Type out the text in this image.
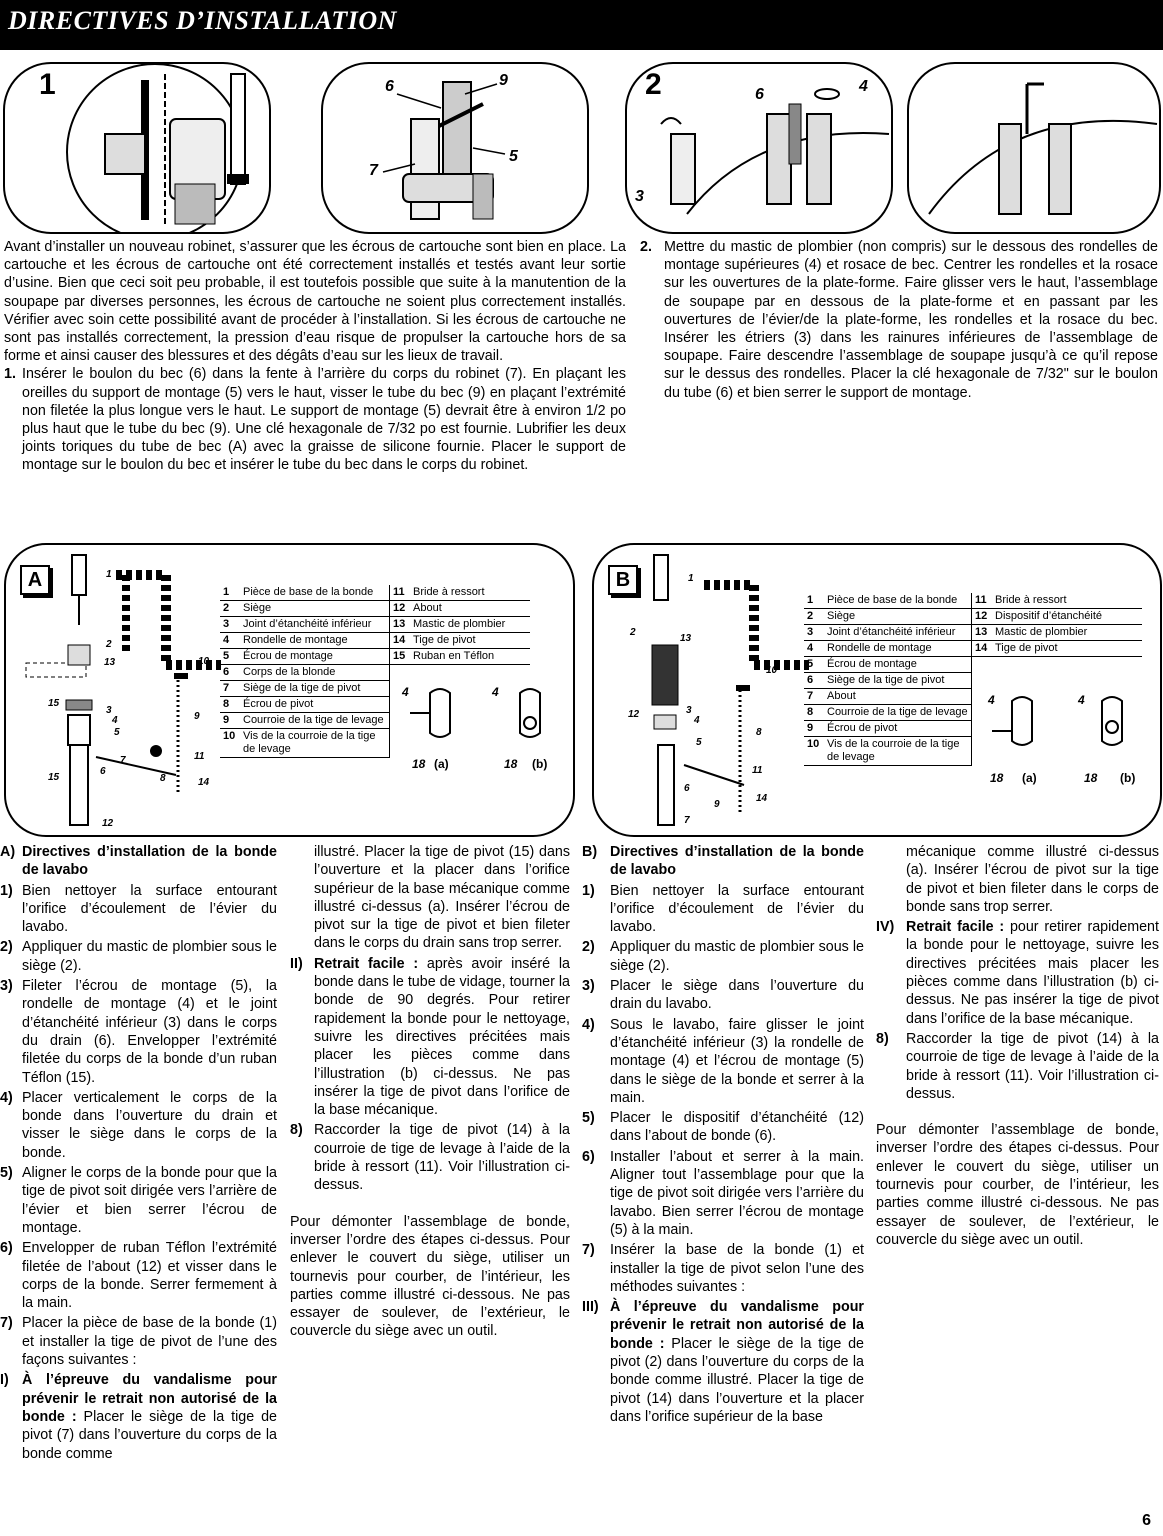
DIRECTIVES D’INSTALLATION
1	6	9
7
5
2	6	4
3

Avant d’installer un nouveau robinet, s’assurer que les écrous de cartouche sont bien en place. La cartouche et les écrous de cartouche ont été correctement installés et testés avant leur sortie d’usine. Bien que ceci soit peu probable, il est toutefois possible que suite à la manutention de la soupape par diverses personnes, les écrous de cartouche ne soient plus correctement installés. Vérifier avec soin cette possibilité avant de procéder à l’installation. Si les écrous de cartouche ne sont pas installés correctement, la pression d’eau risque de propulser la cartouche hors de sa forme et ainsi causer des blessures et des dégâts d’eau sur les lieux de travail.

1. Insérer le boulon du bec (6) dans la fente à l’arrière du corps du robinet (7). En plaçant les oreilles du support de montage (5) vers le haut, visser le tube du bec (9) en plaçant l’extrémité non filetée la plus longue vers le haut. Le support de montage (5) devrait être à environ 1/2 po plus haut que le tube du bec (9). Une clé hexagonale de 7/32 po est fournie. Lubrifier les deux joints toriques du tube de bec (A) avec la graisse de silicone fournie. Placer le support de montage sur le boulon du bec et insérer le tube du bec dans le corps du robinet.
2. Mettre du mastic de plombier (non compris) sur le dessous des rondelles de montage supérieures (4) et rosace de bec. Centrer les rondelles et la rosace sur les ouvertures de la plate-forme. Faire glisser vers le haut, l’assemblage de soupape par en dessous de la plate-forme et en passant par les ouvertures de l’évier/de la plate-forme, les rondelles et la rosace du bec. Insérer les étriers (3) dans les rainures inférieures de l’assemblage de soupape. Faire descendre l’assemblage de soupape jusqu’à ce qu’il repose sur le dessus des rondelles. Placer la clé hexagonale de 7/32" sur le boulon du tube (6) et bien serrer le support de montage.
A	1
2
13
15
3
4
5
6
7
8
10
9
11
14
15
12
1	Pièce de base de la bonde
2	Siège
3	Joint d’étanchéité inférieur
4	Rondelle de montage
5	Écrou de montage
6	Corps de la blonde
7	Siège de la tige de pivot
8	Écrou de pivot
9	Courroie de la tige de levage
10	Vis de la courroie de la tige de levage
11	Bride à ressort
12	About
13	Mastic de plombier
14	Tige de pivot
15	Ruban en Téflon
4	4
18 (a)	18 (b)
B	1
2
13
12	3
4
5
6
9
7
10
8
11
14
1	Pièce de base de la bonde
2	Siège
3	Joint d’étanchéité inférieur
4	Rondelle de montage
5	Écrou de montage
6	Siège de la tige de pivot
7	About
8	Courroie de la tige de levage
9	Écrou de pivot
10	Vis de la courroie de la tige de levage
11	Bride à ressort
12	Dispositif d’étanchéité
13	Mastic de plombier
14	Tige de pivot
4	4
18 (a)	18 (b)
A) Directives d’installation de la bonde de lavabo
1) Bien nettoyer la surface entourant l’orifice d’écoulement de l’évier du lavabo.
2) Appliquer du mastic de plombier sous le siège (2).
3) Fileter l’écrou de montage (5), la rondelle de montage (4) et le joint d’étanchéité inférieur (3) dans le corps du drain (6). Envelopper l’extrémité filetée du corps de la bonde d’un ruban Téflon (15).
4) Placer verticalement le corps de la bonde dans l’ouverture du drain et visser le siège dans le corps de la bonde.
5) Aligner le corps de la bonde pour que la tige de pivot soit dirigée vers l’arrière de l’évier et bien serrer l’écrou de montage.
6) Envelopper de ruban Téflon l’extrémité filetée de l’about (12) et visser dans le corps de la bonde. Serrer fermement à la main.
7) Placer la pièce de base de la bonde (1) et installer la tige de pivot de l’une des façons suivantes :
I) À l’épreuve du vandalisme pour prévenir le retrait non autorisé de la bonde : Placer le siège de la tige de pivot (7) dans l’ouverture du corps de la bonde comme
illustré. Placer la tige de pivot (15) dans l’ouverture et la placer dans l’orifice supérieur de la base mécanique comme illustré ci-dessus (a). Insérer l’écrou de pivot sur la tige de pivot et bien fileter dans le corps du drain sans trop serrer.
II) Retrait facile : après avoir inséré la bonde dans le tube de vidage, tourner la bonde de 90 degrés. Pour retirer rapidement la bonde pour le nettoyage, suivre les directives précitées mais placer les pièces comme dans l’illustration (b) ci-dessus. Ne pas insérer la tige de pivot dans l’orifice de la base mécanique.
8) Raccorder la tige de pivot (14) à la courroie de tige de levage à l’aide de la bride à ressort (11). Voir l’illustration ci-dessus.

Pour démonter l’assemblage de bonde, inverser l’ordre des étapes ci-dessus. Pour enlever le couvert du siège, utiliser un tournevis pour courber, de l’intérieur, les parties comme illustré ci-dessous. Ne pas essayer de soulever, de l’extérieur, le couvercle du siège avec un outil.

B) Directives d’installation de la bonde de lavabo
1)	Bien nettoyer la surface entourant l’orifice d’écoulement de l’évier du lavabo.
2)	Appliquer du mastic de plombier sous le siège (2).
3)	Placer le siège dans l’ouverture du drain du lavabo.
4)	Sous le lavabo, faire glisser le joint d’étanchéité inférieur (3) la rondelle de montage (4) et l’écrou de montage (5) dans le siège de la bonde et serrer à la main.
5)	Placer le dispositif d’étanchéité (12) dans l’about de bonde (6).
6)	Installer l’about et serrer à la main. Aligner tout l’assemblage pour que la tige de pivot soit dirigée vers l’arrière du lavabo. Bien serrer l’écrou de montage (5) à la main.
7)	Insérer la base de la bonde (1) et installer la tige de pivot selon l’une des méthodes suivantes :
III) À l’épreuve du vandalisme pour prévenir le retrait non autorisé de la bonde : Placer le siège de la tige de pivot (2) dans l’ouverture du corps de la bonde comme illustré. Placer la tige de pivot (14) dans l’ouverture et la placer dans l’orifice supérieur de la base
mécanique comme illustré ci-dessus (a). Insérer l’écrou de pivot sur la tige de pivot et bien fileter dans le corps de bonde sans trop serrer.
IV) Retrait facile : pour retirer rapidement la bonde pour le nettoyage, suivre les directives précitées mais placer les pièces comme dans l’illustration (b) ci-dessus. Ne pas insérer la tige de pivot dans l’orifice de la base mécanique.
8)	Raccorder la tige de pivot (14) à la courroie de tige de levage à l’aide de la bride à ressort (11). Voir l’illustration ci-dessus.

Pour démonter l’assemblage de bonde, inverser l’ordre des étapes ci-dessus. Pour enlever le couvert du siège, utiliser un tournevis pour courber, de l’intérieur, les parties comme illustré ci-dessous. Ne pas essayer de soulever, de l’extérieur, le couvercle du siège avec un outil.

6
